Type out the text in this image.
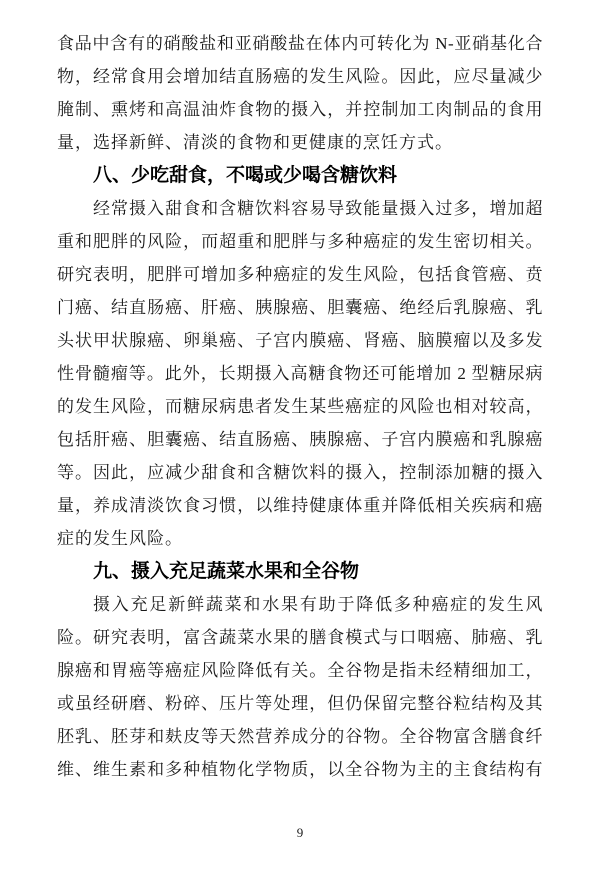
食品中含有的硝酸盐和亚硝酸盐在体内可转化为 N-亚硝基化合
物，经常食用会增加结直肠癌的发生风险。因此，应尽量减少
腌制、熏烤和高温油炸食物的摄入，并控制加工肉制品的食用
量，选择新鲜、清淡的食物和更健康的烹饪方式。
八、少吃甜食，不喝或少喝含糖饮料
经常摄入甜食和含糖饮料容易导致能量摄入过多，增加超
重和肥胖的风险，而超重和肥胖与多种癌症的发生密切相关。
研究表明，肥胖可增加多种癌症的发生风险，包括食管癌、贲
门癌、结直肠癌、肝癌、胰腺癌、胆囊癌、绝经后乳腺癌、乳
头状甲状腺癌、卵巢癌、子宫内膜癌、肾癌、脑膜瘤以及多发
性骨髓瘤等。此外，长期摄入高糖食物还可能增加 2 型糖尿病
的发生风险，而糖尿病患者发生某些癌症的风险也相对较高，
包括肝癌、胆囊癌、结直肠癌、胰腺癌、子宫内膜癌和乳腺癌
等。因此，应减少甜食和含糖饮料的摄入，控制添加糖的摄入
量，养成清淡饮食习惯，以维持健康体重并降低相关疾病和癌
症的发生风险。
九、摄入充足蔬菜水果和全谷物
摄入充足新鲜蔬菜和水果有助于降低多种癌症的发生风
险。研究表明，富含蔬菜水果的膳食模式与口咽癌、肺癌、乳
腺癌和胃癌等癌症风险降低有关。全谷物是指未经精细加工，
或虽经研磨、粉碎、压片等处理，但仍保留完整谷粒结构及其
胚乳、胚芽和麸皮等天然营养成分的谷物。全谷物富含膳食纤
维、维生素和多种植物化学物质，以全谷物为主的主食结构有
9
